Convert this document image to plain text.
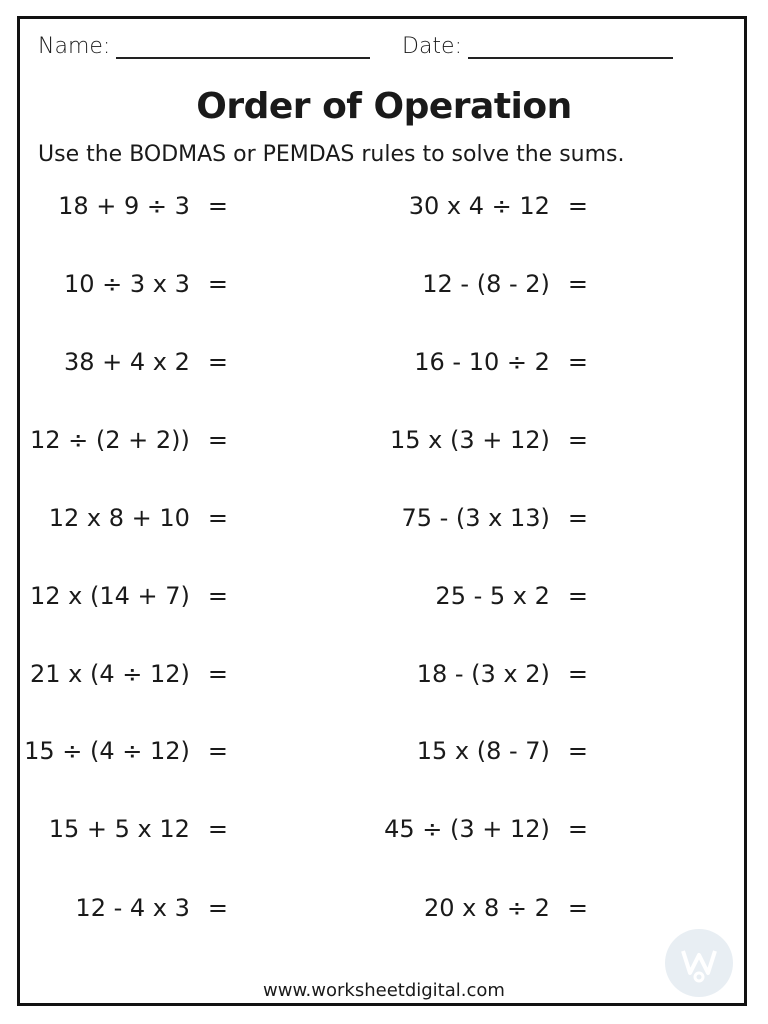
Name:	Date:
Order of Operation
Use the BODMAS or PEMDAS rules to solve the sums.
18 + 9 ÷ 3 =	30 x 4 ÷ 12 =
10 ÷ 3 x 3 =	12 - (8 - 2) =
38 + 4 x 2 =	16 - 10 ÷ 2 =
12 ÷ (2 + 2)) =	15 x (3 + 12) =
12 x 8 + 10 =	75 - (3 x 13) =
12 x (14 + 7) =	25 - 5 x 2 =
21 x (4 ÷ 12) =	18 - (3 x 2) =
15 ÷ (4 ÷ 12) =	15 x (8 - 7) =
15 + 5 x 12 =	45 ÷ (3 + 12) =
12 - 4 x 3 =	20 x 8 ÷ 2 =
www.worksheetdigital.com
